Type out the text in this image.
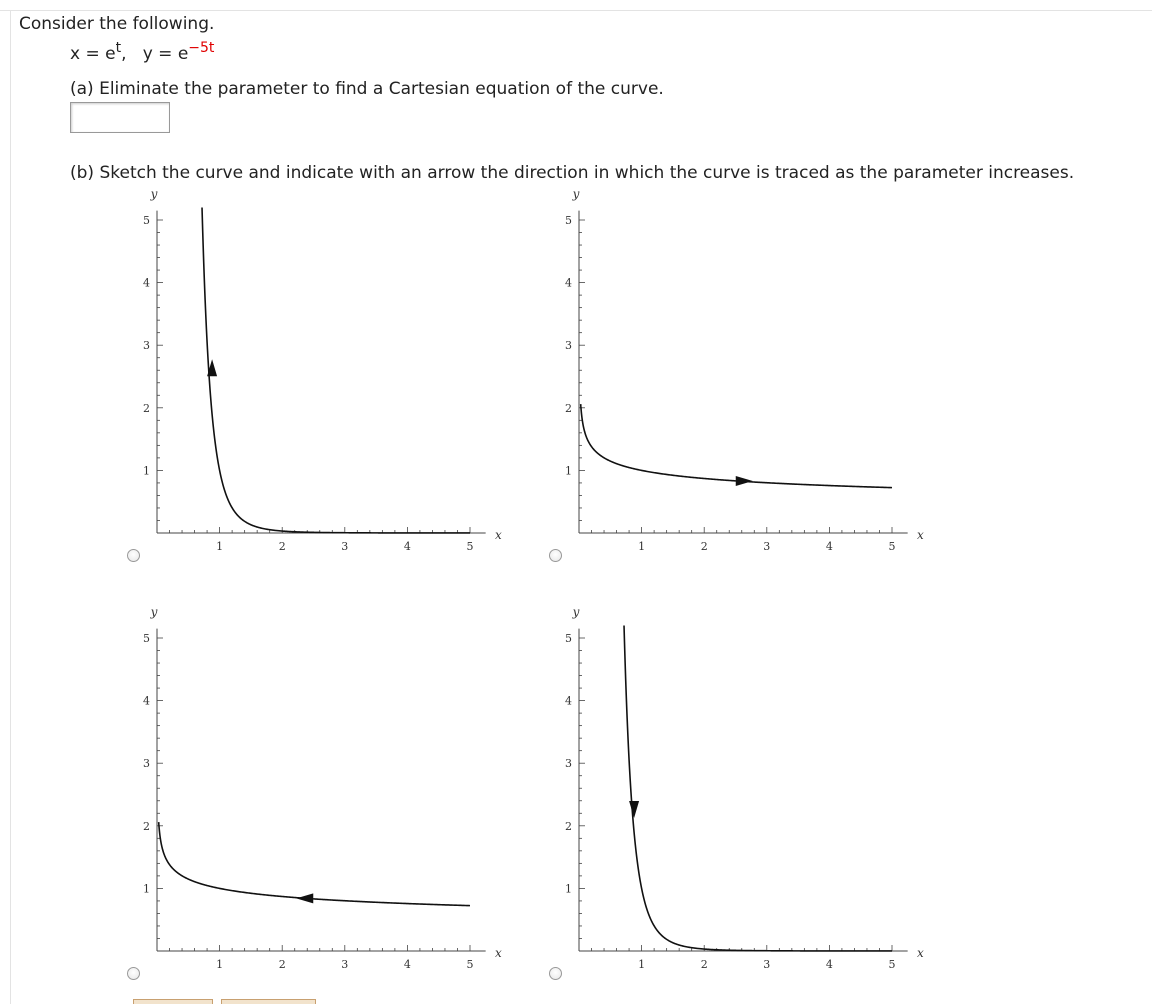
Consider the following.
$x = e^t$, $y = e^{-5t}$
(a) Eliminate the parameter to find a Cartesian equation of the curve.
(b) Sketch the curve and indicate with an arrow the direction in which the curve is traced as the parameter increases.
1	2	3	4	5
1
2
3
4
5
x
y
1	2	3	4	5
1
2
3
4
5
x
y
1	2	3	4	5
1
2
3
4
5
x
y
1	2	3	4	5
1
2
3
4
5
x
y
